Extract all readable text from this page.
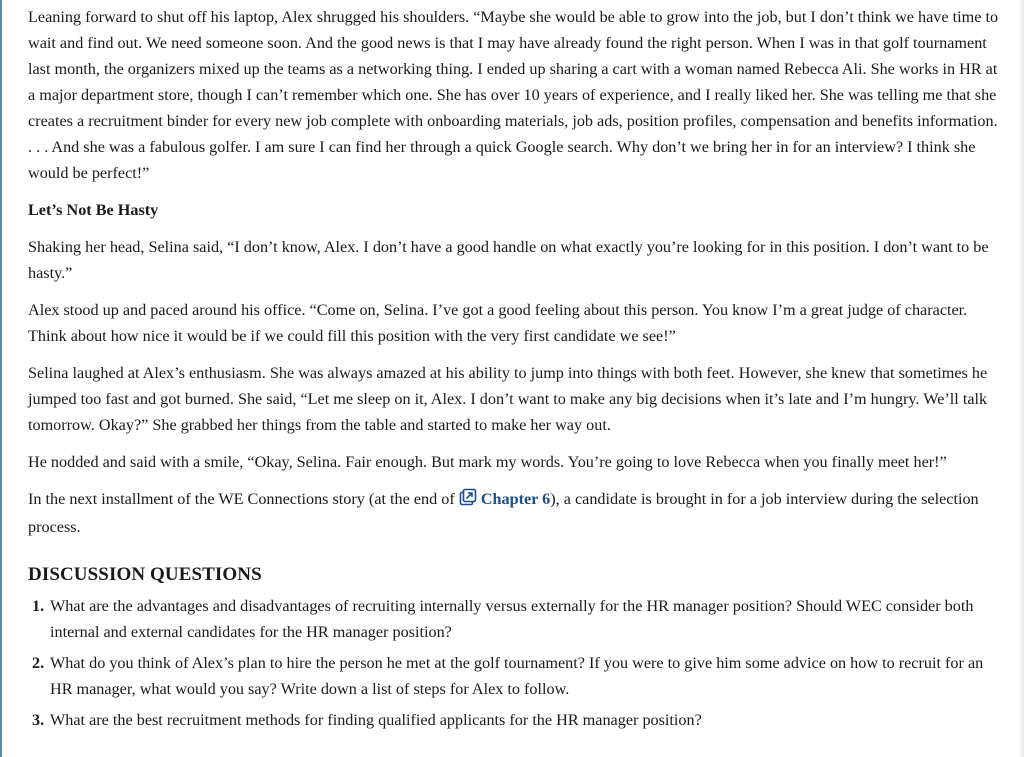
Leaning forward to shut off his laptop, Alex shrugged his shoulders. “Maybe she would be able to grow into the job, but I don’t think we have time to wait and find out. We need someone soon. And the good news is that I may have already found the right person. When I was in that golf tournament last month, the organizers mixed up the teams as a networking thing. I ended up sharing a cart with a woman named Rebecca Ali. She works in HR at a major department store, though I can’t remember which one. She has over 10 years of experience, and I really liked her. She was telling me that she creates a recruitment binder for every new job complete with onboarding materials, job ads, position profiles, compensation and benefits information. . . . And she was a fabulous golfer. I am sure I can find her through a quick Google search. Why don’t we bring her in for an interview? I think she would be perfect!”

Let’s Not Be Hasty

Shaking her head, Selina said, “I don’t know, Alex. I don’t have a good handle on what exactly you’re looking for in this position. I don’t want to be hasty.”

Alex stood up and paced around his office. “Come on, Selina. I’ve got a good feeling about this person. You know I’m a great judge of character. Think about how nice it would be if we could fill this position with the very first candidate we see!”

Selina laughed at Alex’s enthusiasm. She was always amazed at his ability to jump into things with both feet. However, she knew that sometimes he jumped too fast and got burned. She said, “Let me sleep on it, Alex. I don’t want to make any big decisions when it’s late and I’m hungry. We’ll talk tomorrow. Okay?” She grabbed her things from the table and started to make her way out.

He nodded and said with a smile, “Okay, Selina. Fair enough. But mark my words. You’re going to love Rebecca when you finally meet her!”

In the next installment of the WE Connections story (at the end of Chapter 6), a candidate is brought in for a job interview during the selection process.

DISCUSSION QUESTIONS
1. What are the advantages and disadvantages of recruiting internally versus externally for the HR manager position? Should WEC consider both internal and external candidates for the HR manager position?
2. What do you think of Alex’s plan to hire the person he met at the golf tournament? If you were to give him some advice on how to recruit for an HR manager, what would you say? Write down a list of steps for Alex to follow.
3. What are the best recruitment methods for finding qualified applicants for the HR manager position?
